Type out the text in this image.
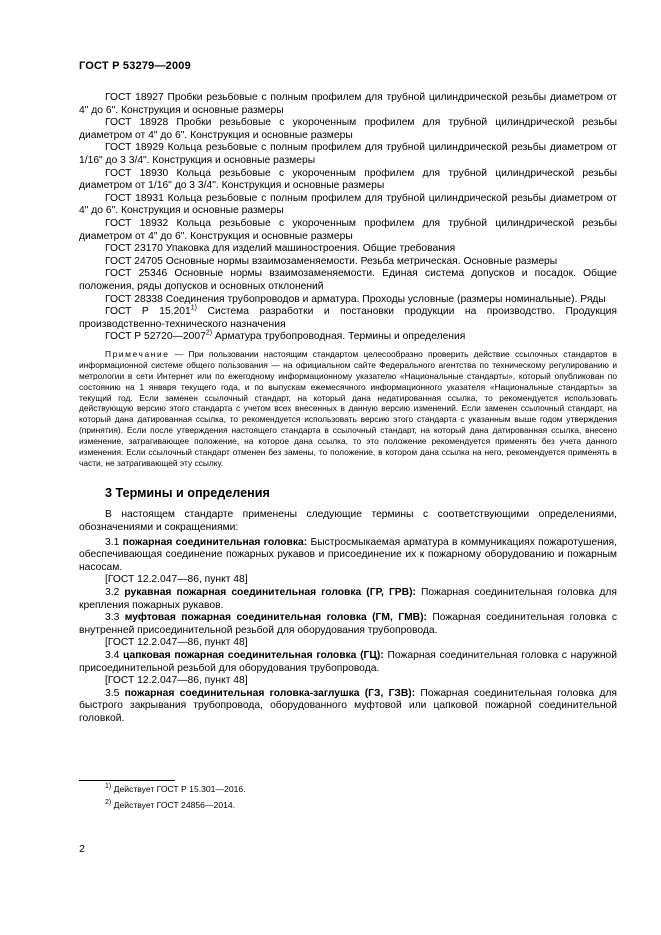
ГОСТ Р 53279—2009

ГОСТ 18927 Пробки резьбовые с полным профилем для трубной цилиндрической резьбы диаметром от 4" до 6". Конструкция и основные размеры

ГОСТ 18928 Пробки резьбовые с укороченным профилем для трубной цилиндрической резьбы диаметром от 4" до 6". Конструкция и основные размеры

ГОСТ 18929 Кольца резьбовые с полным профилем для трубной цилиндрической резьбы диаметром от 1/16" до 3 3/4". Конструкция и основные размеры

ГОСТ 18930 Кольца резьбовые с укороченным профилем для трубной цилиндрической резьбы диаметром от 1/16" до 3 3/4". Конструкция и основные размеры

ГОСТ 18931 Кольца резьбовые с полным профилем для трубной цилиндрической резьбы диаметром от 4" до 6". Конструкция и основные размеры

ГОСТ 18932 Кольца резьбовые с укороченным профилем для трубной цилиндрической резьбы диаметром от 4" до 6". Конструкция и основные размеры

ГОСТ 23170 Упаковка для изделий машиностроения. Общие требования

ГОСТ 24705 Основные нормы взаимозаменяемости. Резьба метрическая. Основные размеры

ГОСТ 25346 Основные нормы взаимозаменяемости. Единая система допусков и посадок. Общие положения, ряды допусков и основных отклонений

ГОСТ 28338 Соединения трубопроводов и арматура. Проходы условные (размеры номинальные). Ряды

ГОСТ Р 15.201$^{1)}$ Система разработки и постановки продукции на производство. Продукция производственно-технического назначения

ГОСТ Р 52720—2007$^{2)}$ Арматура трубопроводная. Термины и определения

Примечание — При пользовании настоящим стандартом целесообразно проверить действие ссылочных стандартов в информационной системе общего пользования — на официальном сайте Федерального агентства по техническому регулированию и метрологии в сети Интернет или по ежегодному информационному указателю «Национальные стандарты», который опубликован по состоянию на 1 января текущего года, и по выпускам ежемесячного информационного указателя «Национальные стандарты» за текущий год. Если заменен ссылочный стандарт, на который дана недатированная ссылка, то рекомендуется использовать действующую версию этого стандарта с учетом всех внесенных в данную версию изменений. Если заменен ссылочный стандарт, на который дана датированная ссылка, то рекомендуется использовать версию этого стандарта с указанным выше годом утверждения (принятия). Если после утверждения настоящего стандарта в ссылочный стандарт, на который дана датированная ссылка, внесено изменение, затрагивающее положение, на которое дана ссылка, то это положение рекомендуется применять без учета данного изменения. Если ссылочный стандарт отменен без замены, то положение, в котором дана ссылка на него, рекомендуется применять в части, не затрагивающей эту ссылку.

3 Термины и определения

В настоящем стандарте применены следующие термины с соответствующими определениями, обозначениями и сокращениями:

3.1 пожарная соединительная головка: Быстросмыкаемая арматура в коммуникациях пожаротушения, обеспечивающая соединение пожарных рукавов и присоединение их к пожарному оборудованию и пожарным насосам.

[ГОСТ 12.2.047—86, пункт 48]

3.2 рукавная пожарная соединительная головка (ГР, ГРВ): Пожарная соединительная головка для крепления пожарных рукавов.

3.3 муфтовая пожарная соединительная головка (ГМ, ГМВ): Пожарная соединительная головка с внутренней присоединительной резьбой для оборудования трубопровода.

[ГОСТ 12.2.047—86, пункт 48]

3.4 цапковая пожарная соединительная головка (ГЦ): Пожарная соединительная головка с наружной присоединительной резьбой для оборудования трубопровода.

[ГОСТ 12.2.047—86, пункт 48]

3.5 пожарная соединительная головка-заглушка (ГЗ, ГЗВ): Пожарная соединительная головка для быстрого закрывания трубопровода, оборудованного муфтовой или цапковой пожарной соединительной головкой.

$^{1)}$ Действует ГОСТ Р 15.301—2016.
$^{2)}$ Действует ГОСТ 24856—2014.
2
